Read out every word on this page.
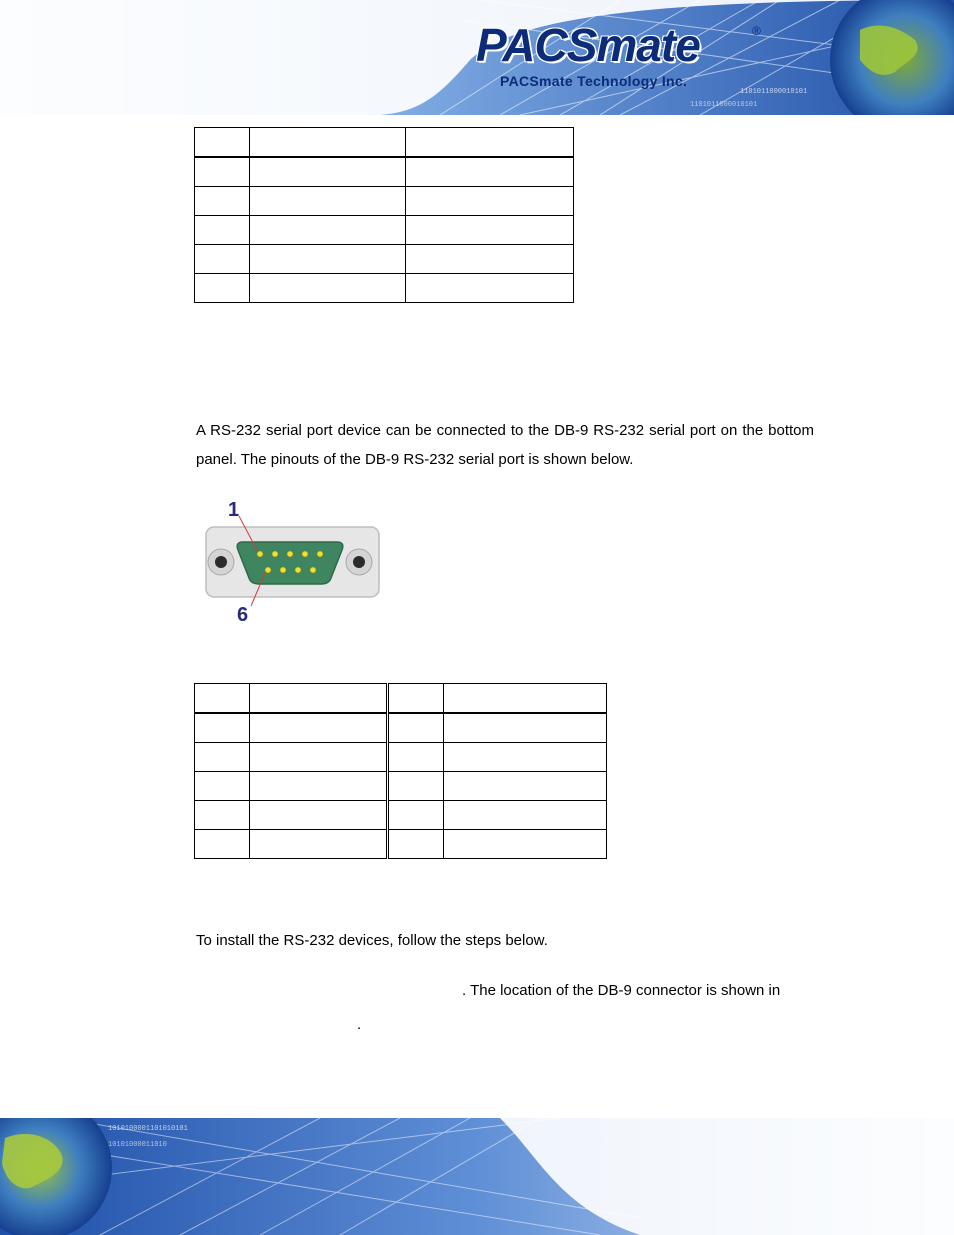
1101011000010101
1101011000010101
PACSmate	®
PACSmate Technology Inc.

A RS-232 serial port device can be connected to the DB-9 RS-232 serial port on the bottom panel. The pinouts of the DB-9 RS-232 serial port is shown below.

1
6

To install the RS-232 devices, follow the steps below.

. The location of the DB-9 connector is shown in
.
1010100001101010101
10101000011010
